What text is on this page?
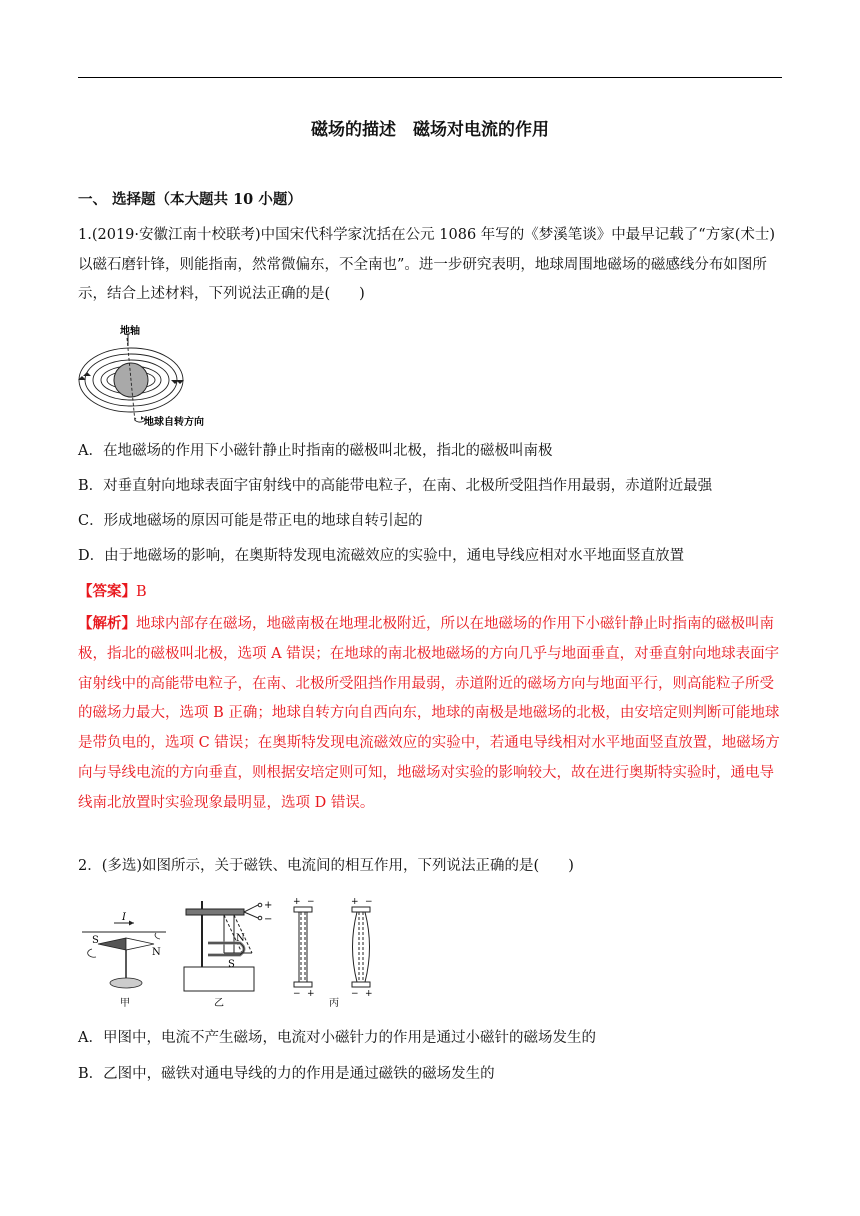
磁场的描述　磁场对电流的作用
一、 选择题（本大题共 10 小题）
1.(2019·安徽江南十校联考)中国宋代科学家沈括在公元 1086 年写的《梦溪笔谈》中最早记载了“方家(术士)以磁石磨针锋，则能指南，然常微偏东，不全南也”。进一步研究表明，地球周围地磁场的磁感线分布如图所示，结合上述材料，下列说法正确的是(　　)
地轴
地球自转方向
A．在地磁场的作用下小磁针静止时指南的磁极叫北极，指北的磁极叫南极
B．对垂直射向地球表面宇宙射线中的高能带电粒子，在南、北极所受阻挡作用最弱，赤道附近最强
C．形成地磁场的原因可能是带正电的地球自转引起的
D．由于地磁场的影响，在奥斯特发现电流磁效应的实验中，通电导线应相对水平地面竖直放置
【答案】B
【解析】地球内部存在磁场，地磁南极在地理北极附近，所以在地磁场的作用下小磁针静止时指南的磁极叫南极，指北的磁极叫北极，选项 A 错误；在地球的南北极地磁场的方向几乎与地面垂直，对垂直射向地球表面宇宙射线中的高能带电粒子，在南、北极所受阻挡作用最弱，赤道附近的磁场方向与地面平行，则高能粒子所受的磁场力最大，选项 B 正确；地球自转方向自西向东，地球的南极是地磁场的北极，由安培定则判断可能地球是带负电的，选项 C 错误；在奥斯特发现电流磁效应的实验中，若通电导线相对水平地面竖直放置，地磁场方向与导线电流的方向垂直，则根据安培定则可知，地磁场对实验的影响较大，故在进行奥斯特实验时，通电导线南北放置时实验现象最明显，选项 D 错误。
2．(多选)如图所示，关于磁铁、电流间的相互作用，下列说法正确的是(　　)
I
S
N
甲
+
−
N
S
乙
+ −	+ −
− +	− +
丙
A．甲图中，电流不产生磁场，电流对小磁针力的作用是通过小磁针的磁场发生的
B．乙图中，磁铁对通电导线的力的作用是通过磁铁的磁场发生的
